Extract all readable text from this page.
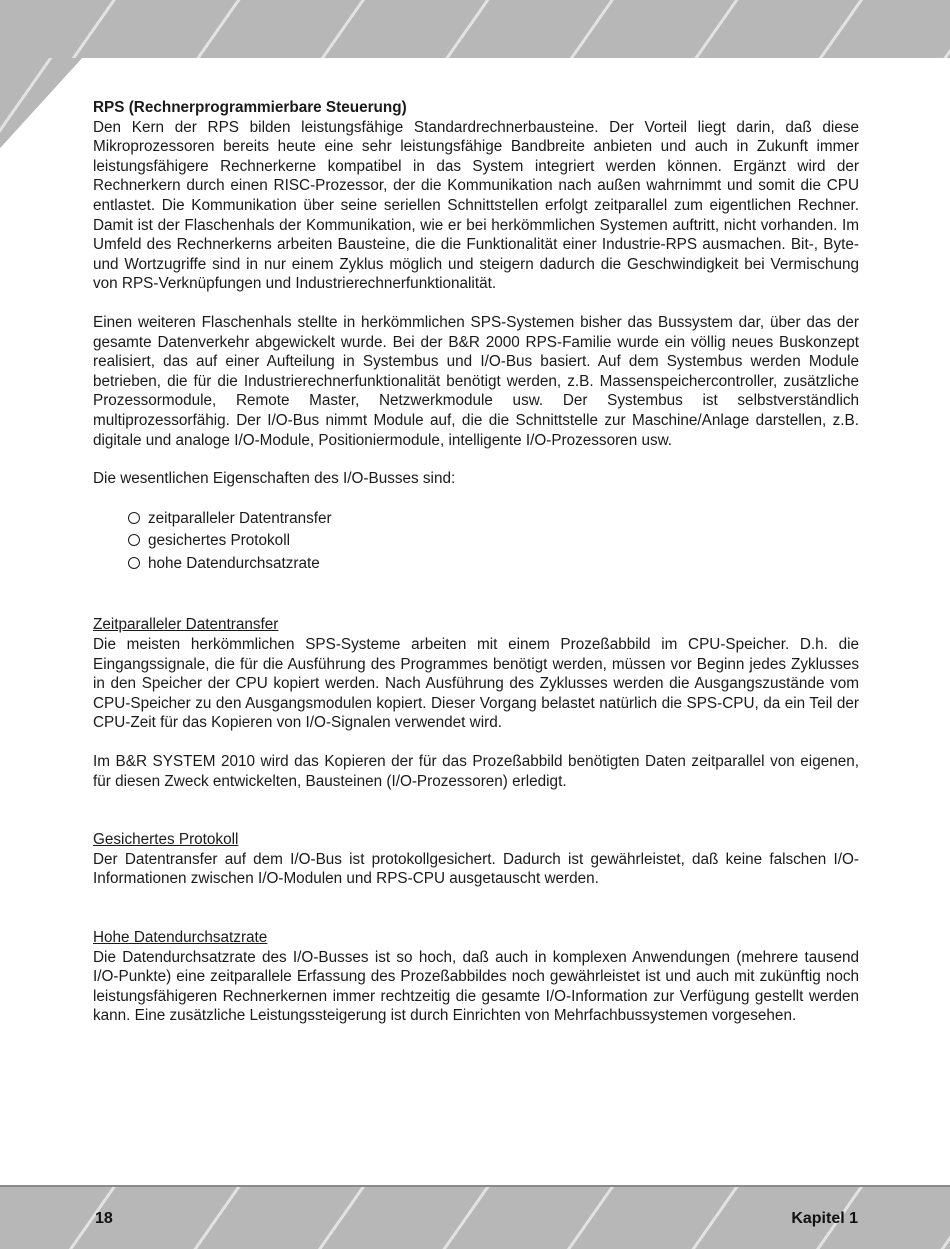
RPS (Rechnerprogrammierbare Steuerung)

Den Kern der RPS bilden leistungsfähige Standardrechnerbausteine. Der Vorteil liegt darin, daß diese Mikroprozessoren bereits heute eine sehr leistungsfähige Bandbreite anbieten und auch in Zukunft immer leistungsfähigere Rechnerkerne kompatibel in das System integriert werden können. Ergänzt wird der Rechnerkern durch einen RISC-Prozessor, der die Kommunikation nach außen wahrnimmt und somit die CPU entlastet. Die Kommunikation über seine seriellen Schnittstellen erfolgt zeitparallel zum eigentlichen Rechner. Damit ist der Flaschenhals der Kommunikation, wie er bei herkömmlichen Systemen auftritt, nicht vorhanden. Im Umfeld des Rechnerkerns arbeiten Bausteine, die die Funktionalität einer Industrie-RPS ausmachen. Bit-, Byte- und Wortzugriffe sind in nur einem Zyklus möglich und steigern dadurch die Geschwindigkeit bei Vermischung von RPS-Verknüpfungen und Industrierechnerfunktionalität.

Einen weiteren Flaschenhals stellte in herkömmlichen SPS-Systemen bisher das Bussystem dar, über das der gesamte Datenverkehr abgewickelt wurde. Bei der B&R 2000 RPS-Familie wurde ein völlig neues Buskonzept realisiert, das auf einer Aufteilung in Systembus und I/O-Bus basiert. Auf dem Systembus werden Module betrieben, die für die Industrierechnerfunktionalität benötigt werden, z.B. Massenspeichercontroller, zusätzliche Prozessormodule, Remote Master, Netzwerkmodule usw. Der Systembus ist selbstverständlich multiprozessorfähig. Der I/O-Bus nimmt Module auf, die die Schnittstelle zur Maschine/Anlage darstellen, z.B. digitale und analoge I/O-Module, Positioniermodule, intelligente I/O-Prozessoren usw.

Die wesentlichen Eigenschaften des I/O-Busses sind:

zeitparalleler Datentransfer
gesichertes Protokoll
hohe Datendurchsatzrate

Zeitparalleler Datentransfer

Die meisten herkömmlichen SPS-Systeme arbeiten mit einem Prozeßabbild im CPU-Speicher. D.h. die Eingangssignale, die für die Ausführung des Programmes benötigt werden, müssen vor Beginn jedes Zyklusses in den Speicher der CPU kopiert werden. Nach Ausführung des Zyklusses werden die Ausgangszustände vom CPU-Speicher zu den Ausgangsmodulen kopiert. Dieser Vorgang belastet natürlich die SPS-CPU, da ein Teil der CPU-Zeit für das Kopieren von I/O-Signalen verwendet wird.

Im B&R SYSTEM 2010 wird das Kopieren der für das Prozeßabbild benötigten Daten zeitparallel von eigenen, für diesen Zweck entwickelten, Bausteinen (I/O-Prozessoren) erledigt.

Gesichertes Protokoll

Der Datentransfer auf dem I/O-Bus ist protokollgesichert. Dadurch ist gewährleistet, daß keine falschen I/O-Informationen zwischen I/O-Modulen und RPS-CPU ausgetauscht werden.

Hohe Datendurchsatzrate

Die Datendurchsatzrate des I/O-Busses ist so hoch, daß auch in komplexen Anwendungen (mehrere tausend I/O-Punkte) eine zeitparallele Erfassung des Prozeßabbildes noch gewährleistet ist und auch mit zukünftig noch leistungsfähigeren Rechnerkernen immer rechtzeitig die gesamte I/O-Information zur Verfügung gestellt werden kann. Eine zusätzliche Leistungssteigerung ist durch Einrichten von Mehrfachbussystemen vorgesehen.

18	Kapitel 1
